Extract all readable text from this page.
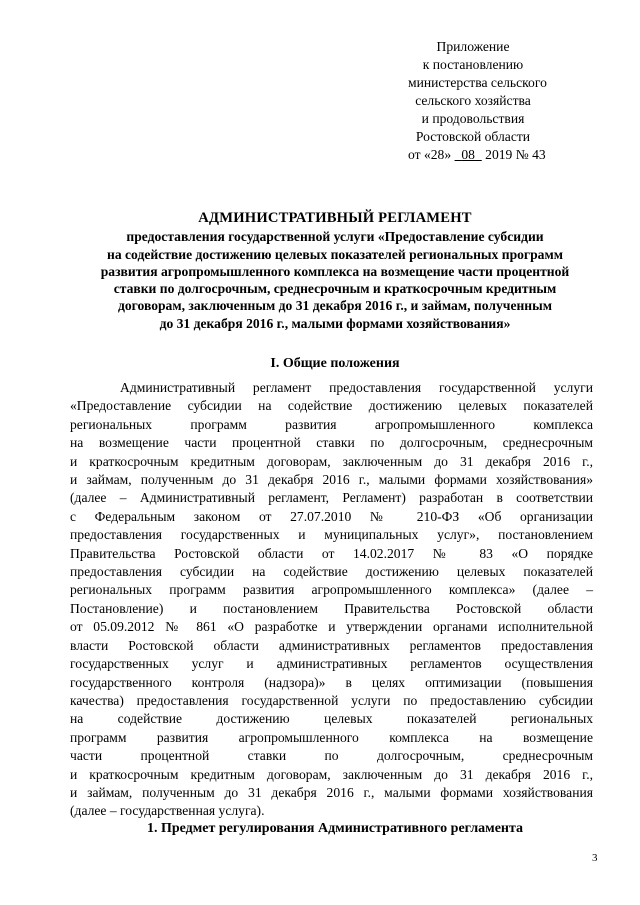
Приложение
к постановлению
министерства сельского
сельского хозяйства
и продовольствия
Ростовской области
от «28» 08 2019 № 43
АДМИНИСТРАТИВНЫЙ РЕГЛАМЕНТ
предоставления государственной услуги «Предоставление субсидии
на содействие достижению целевых показателей региональных программ
развития агропромышленного комплекса на возмещение части процентной
ставки по долгосрочным, среднесрочным и краткосрочным кредитным
договорам, заключенным до 31 декабря 2016 г., и займам, полученным
до 31 декабря 2016 г., малыми формами хозяйствования»
I. Общие положения
Административный регламент предоставления государственной услуги
«Предоставление субсидии на содействие достижению целевых показателей
региональных программ развития агропромышленного комплекса
на возмещение части процентной ставки по долгосрочным, среднесрочным
и краткосрочным кредитным договорам, заключенным до 31 декабря 2016 г.,
и займам, полученным до 31 декабря 2016 г., малыми формами хозяйствования»
(далее – Административный регламент, Регламент) разработан в соответствии
с Федеральным законом от 27.07.2010 № 210-ФЗ «Об организации
предоставления государственных и муниципальных услуг», постановлением
Правительства Ростовской области от 14.02.2017 № 83 «О порядке
предоставления субсидии на содействие достижению целевых показателей
региональных программ развития агропромышленного комплекса» (далее –
Постановление) и постановлением Правительства Ростовской области
от 05.09.2012 № 861 «О разработке и утверждении органами исполнительной
власти Ростовской области административных регламентов предоставления
государственных услуг и административных регламентов осуществления
государственного контроля (надзора)» в целях оптимизации (повышения
качества) предоставления государственной услуги по предоставлению субсидии
на содействие достижению целевых показателей региональных
программ развития агропромышленного комплекса на возмещение
части процентной ставки по долгосрочным, среднесрочным
и краткосрочным кредитным договорам, заключенным до 31 декабря 2016 г.,
и займам, полученным до 31 декабря 2016 г., малыми формами хозяйствования
(далее – государственная услуга).
1. Предмет регулирования Административного регламента
3
